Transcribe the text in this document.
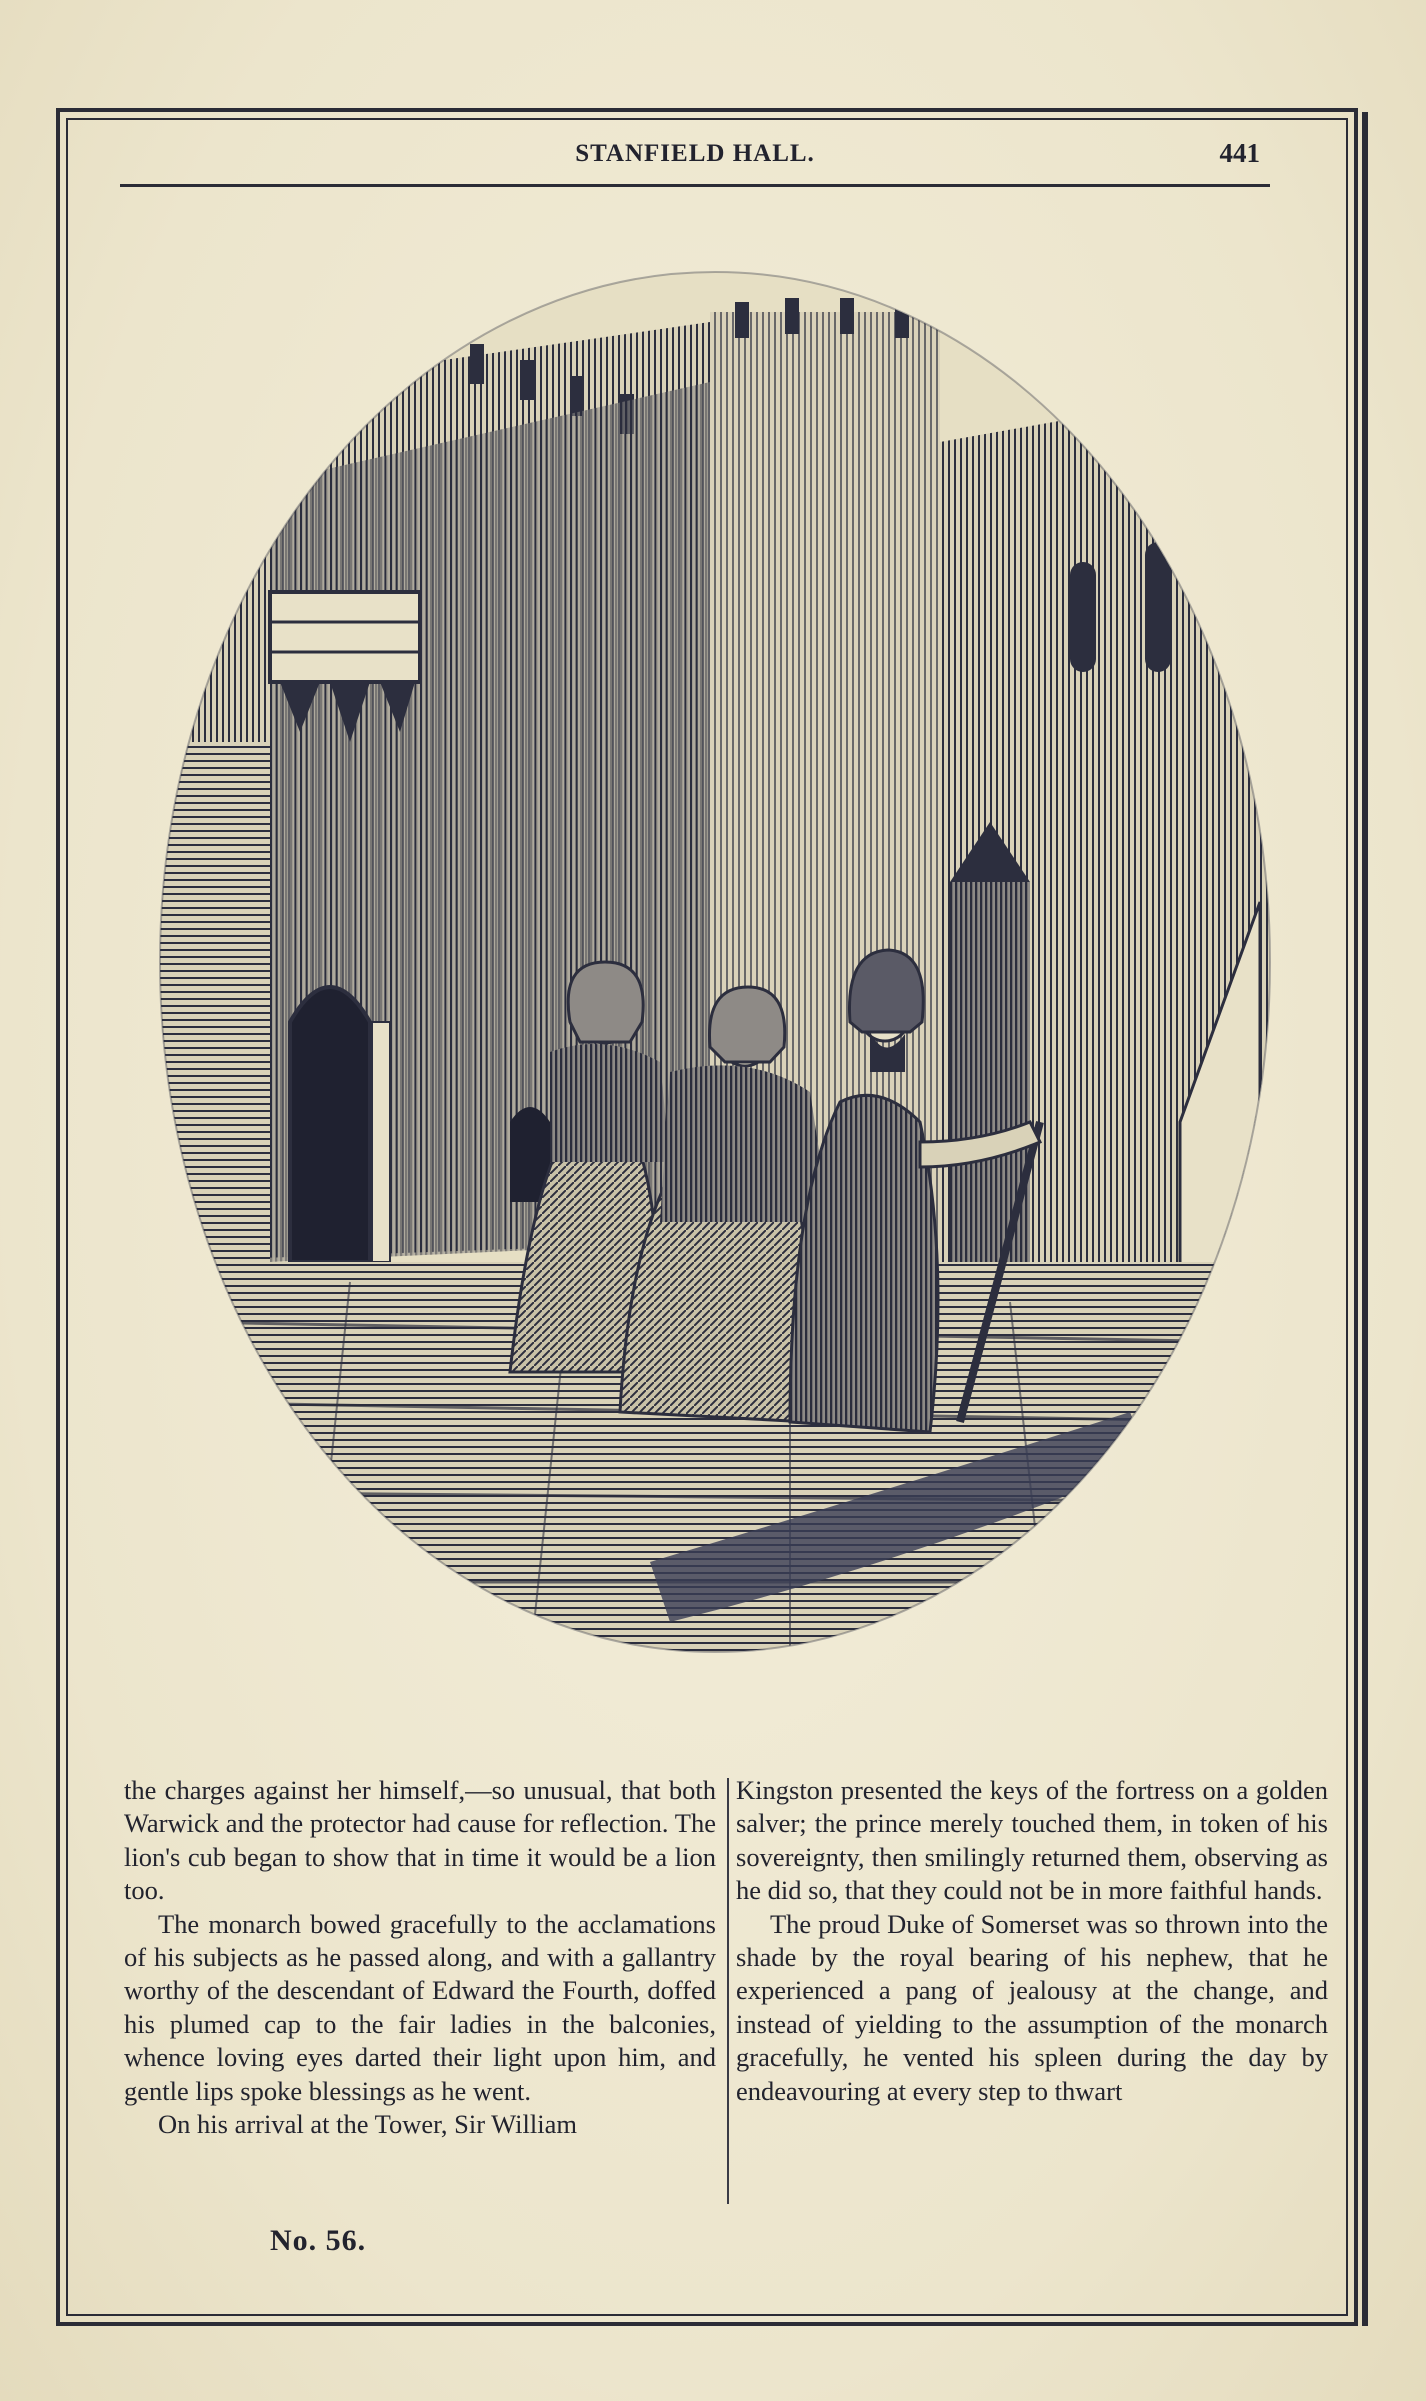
STANFIELD HALL.	441

the charges against her himself,—so unusual, that both Warwick and the protector had cause for reflection. The lion's cub began to show that in time it would be a lion too.

The monarch bowed gracefully to the acclamations of his subjects as he passed along, and with a gallantry worthy of the descendant of Edward the Fourth, doffed his plumed cap to the fair ladies in the balconies, whence loving eyes darted their light upon him, and gentle lips spoke blessings as he went.

On his arrival at the Tower, Sir William

Kingston presented the keys of the fortress on a golden salver; the prince merely touched them, in token of his sovereignty, then smilingly returned them, observing as he did so, that they could not be in more faithful hands.

The proud Duke of Somerset was so thrown into the shade by the royal bearing of his nephew, that he experienced a pang of jealousy at the change, and instead of yielding to the assumption of the monarch gracefully, he vented his spleen during the day by endeavouring at every step to thwart

No. 56.
